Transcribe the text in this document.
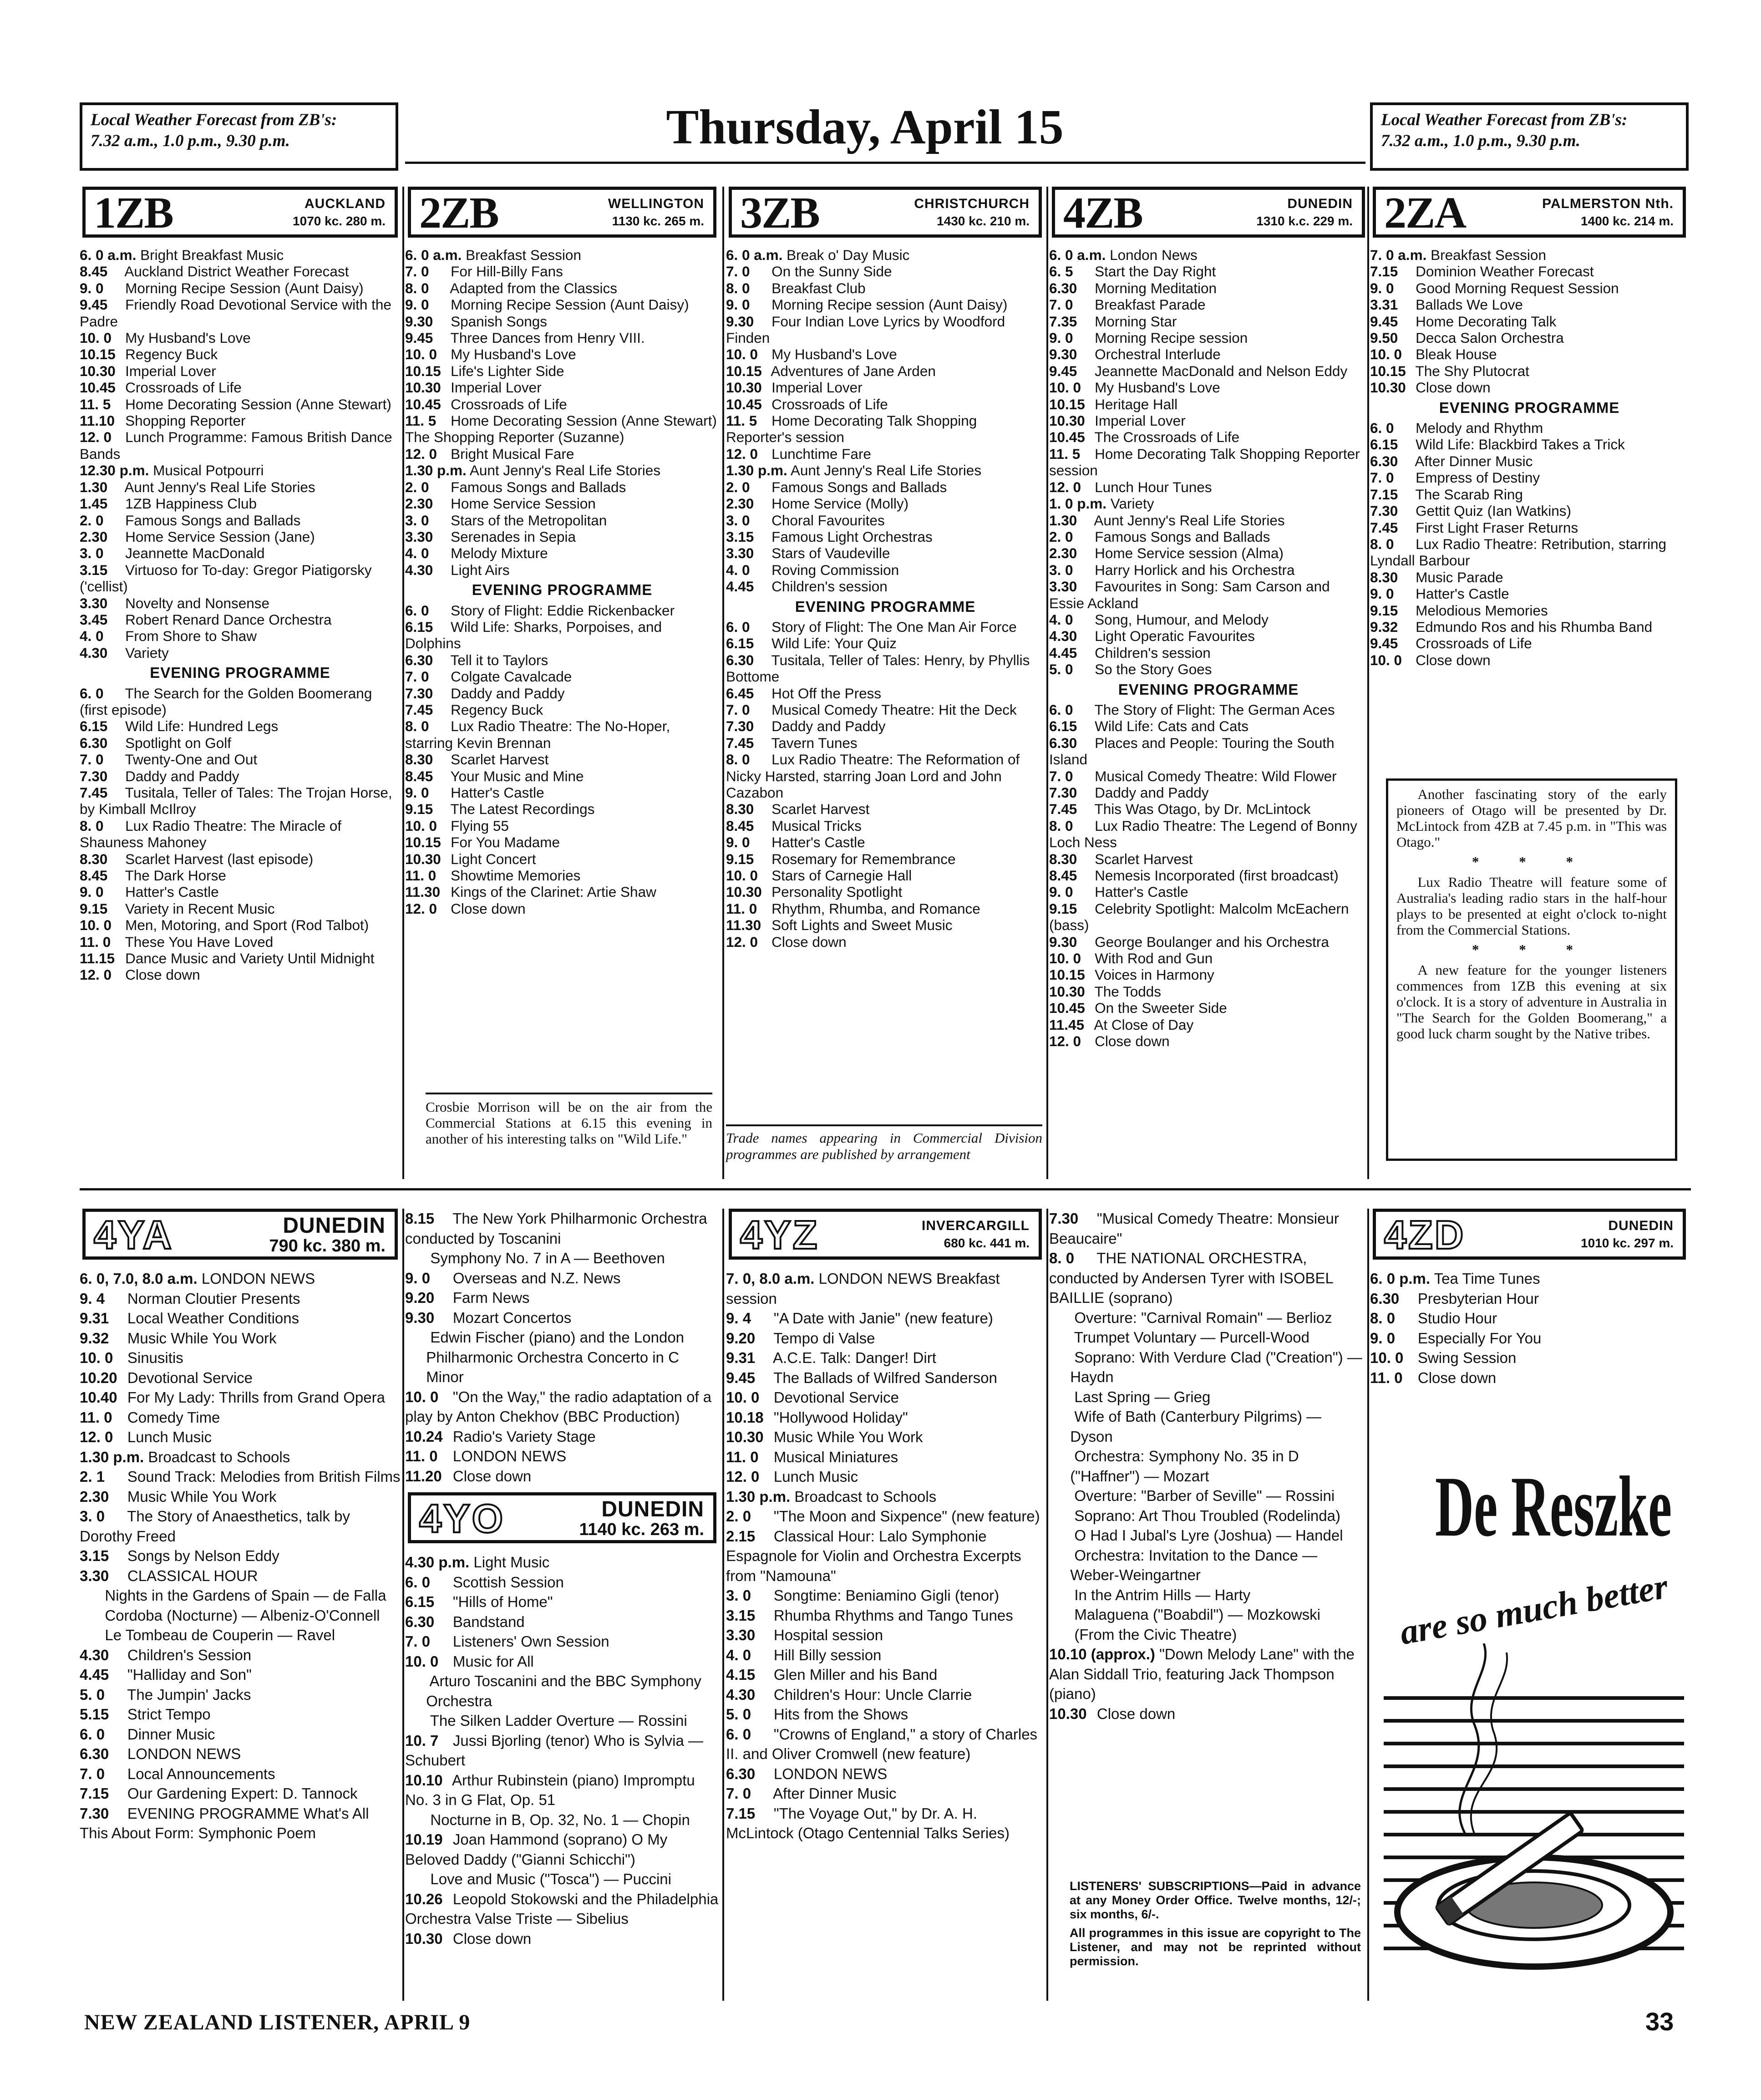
Local Weather Forecast from ZB's:
7.32 a.m., 1.0 p.m., 9.30 p.m.
Local Weather Forecast from ZB's:
7.32 a.m., 1.0 p.m., 9.30 p.m.
Thursday, April 15
1ZB	AUCKLAND
1070 kc. 280 m.
6. 0 a.m. Bright Breakfast Music
8.45 Auckland District Weather Forecast
9. 0 Morning Recipe Session (Aunt Daisy)
9.45 Friendly Road Devotional Service with the Padre
10. 0 My Husband's Love
10.15 Regency Buck
10.30 Imperial Lover
10.45 Crossroads of Life
11. 5 Home Decorating Session (Anne Stewart)
11.10 Shopping Reporter
12. 0 Lunch Programme: Famous British Dance Bands
12.30 p.m. Musical Potpourri
1.30 Aunt Jenny's Real Life Stories
1.45 1ZB Happiness Club
2. 0 Famous Songs and Ballads
2.30 Home Service Session (Jane)
3. 0 Jeannette MacDonald
3.15 Virtuoso for To-day: Gregor Piatigorsky ('cellist)
3.30 Novelty and Nonsense
3.45 Robert Renard Dance Orchestra
4. 0 From Shore to Shaw
4.30 Variety
EVENING PROGRAMME
6. 0 The Search for the Golden Boomerang (first episode)
6.15 Wild Life: Hundred Legs
6.30 Spotlight on Golf
7. 0 Twenty-One and Out
7.30 Daddy and Paddy
7.45 Tusitala, Teller of Tales: The Trojan Horse, by Kimball McIlroy
8. 0 Lux Radio Theatre: The Miracle of Shauness Mahoney
8.30 Scarlet Harvest (last episode)
8.45 The Dark Horse
9. 0 Hatter's Castle
9.15 Variety in Recent Music
10. 0 Men, Motoring, and Sport (Rod Talbot)
11. 0 These You Have Loved
11.15 Dance Music and Variety Until Midnight
12. 0 Close down
2ZB	WELLINGTON
1130 kc. 265 m.
6. 0 a.m. Breakfast Session
7. 0 For Hill-Billy Fans
8. 0 Adapted from the Classics
9. 0 Morning Recipe Session (Aunt Daisy)
9.30 Spanish Songs
9.45 Three Dances from Henry VIII.
10. 0 My Husband's Love
10.15 Life's Lighter Side
10.30 Imperial Lover
10.45 Crossroads of Life
11. 5 Home Decorating Session (Anne Stewart) The Shopping Reporter (Suzanne)
12. 0 Bright Musical Fare
1.30 p.m. Aunt Jenny's Real Life Stories
2. 0 Famous Songs and Ballads
2.30 Home Service Session
3. 0 Stars of the Metropolitan
3.30 Serenades in Sepia
4. 0 Melody Mixture
4.30 Light Airs
EVENING PROGRAMME
6. 0 Story of Flight: Eddie Rickenbacker
6.15 Wild Life: Sharks, Porpoises, and Dolphins
6.30 Tell it to Taylors
7. 0 Colgate Cavalcade
7.30 Daddy and Paddy
7.45 Regency Buck
8. 0 Lux Radio Theatre: The No-Hoper, starring Kevin Brennan
8.30 Scarlet Harvest
8.45 Your Music and Mine
9. 0 Hatter's Castle
9.15 The Latest Recordings
10. 0 Flying 55
10.15 For You Madame
10.30 Light Concert
11. 0 Showtime Memories
11.30 Kings of the Clarinet: Artie Shaw
12. 0 Close down
3ZB	CHRISTCHURCH
1430 kc. 210 m.
6. 0 a.m. Break o' Day Music
7. 0 On the Sunny Side
8. 0 Breakfast Club
9. 0 Morning Recipe session (Aunt Daisy)
9.30 Four Indian Love Lyrics by Woodford Finden
10. 0 My Husband's Love
10.15 Adventures of Jane Arden
10.30 Imperial Lover
10.45 Crossroads of Life
11. 5 Home Decorating Talk Shopping Reporter's session
12. 0 Lunchtime Fare
1.30 p.m. Aunt Jenny's Real Life Stories
2. 0 Famous Songs and Ballads
2.30 Home Service (Molly)
3. 0 Choral Favourites
3.15 Famous Light Orchestras
3.30 Stars of Vaudeville
4. 0 Roving Commission
4.45 Children's session
EVENING PROGRAMME
6. 0 Story of Flight: The One Man Air Force
6.15 Wild Life: Your Quiz
6.30 Tusitala, Teller of Tales: Henry, by Phyllis Bottome
6.45 Hot Off the Press
7. 0 Musical Comedy Theatre: Hit the Deck
7.30 Daddy and Paddy
7.45 Tavern Tunes
8. 0 Lux Radio Theatre: The Reformation of Nicky Harsted, starring Joan Lord and John Cazabon
8.30 Scarlet Harvest
8.45 Musical Tricks
9. 0 Hatter's Castle
9.15 Rosemary for Remembrance
10. 0 Stars of Carnegie Hall
10.30 Personality Spotlight
11. 0 Rhythm, Rhumba, and Romance
11.30 Soft Lights and Sweet Music
12. 0 Close down
4ZB	DUNEDIN
1310 k.c. 229 m.
6. 0 a.m. London News
6. 5 Start the Day Right
6.30 Morning Meditation
7. 0 Breakfast Parade
7.35 Morning Star
9. 0 Morning Recipe session
9.30 Orchestral Interlude
9.45 Jeannette MacDonald and Nelson Eddy
10. 0 My Husband's Love
10.15 Heritage Hall
10.30 Imperial Lover
10.45 The Crossroads of Life
11. 5 Home Decorating Talk Shopping Reporter session
12. 0 Lunch Hour Tunes
1. 0 p.m. Variety
1.30 Aunt Jenny's Real Life Stories
2. 0 Famous Songs and Ballads
2.30 Home Service session (Alma)
3. 0 Harry Horlick and his Orchestra
3.30 Favourites in Song: Sam Carson and Essie Ackland
4. 0 Song, Humour, and Melody
4.30 Light Operatic Favourites
4.45 Children's session
5. 0 So the Story Goes
EVENING PROGRAMME
6. 0 The Story of Flight: The German Aces
6.15 Wild Life: Cats and Cats
6.30 Places and People: Touring the South Island
7. 0 Musical Comedy Theatre: Wild Flower
7.30 Daddy and Paddy
7.45 This Was Otago, by Dr. McLintock
8. 0 Lux Radio Theatre: The Legend of Bonny Loch Ness
8.30 Scarlet Harvest
8.45 Nemesis Incorporated (first broadcast)
9. 0 Hatter's Castle
9.15 Celebrity Spotlight: Malcolm McEachern (bass)
9.30 George Boulanger and his Orchestra
10. 0 With Rod and Gun
10.15 Voices in Harmony
10.30 The Todds
10.45 On the Sweeter Side
11.45 At Close of Day
12. 0 Close down
2ZA	PALMERSTON Nth.
1400 kc. 214 m.
7. 0 a.m. Breakfast Session
7.15 Dominion Weather Forecast
9. 0 Good Morning Request Session
3.31 Ballads We Love
9.45 Home Decorating Talk
9.50 Decca Salon Orchestra
10. 0 Bleak House
10.15 The Shy Plutocrat
10.30 Close down
EVENING PROGRAMME
6. 0 Melody and Rhythm
6.15 Wild Life: Blackbird Takes a Trick
6.30 After Dinner Music
7. 0 Empress of Destiny
7.15 The Scarab Ring
7.30 Gettit Quiz (Ian Watkins)
7.45 First Light Fraser Returns
8. 0 Lux Radio Theatre: Retribution, starring Lyndall Barbour
8.30 Music Parade
9. 0 Hatter's Castle
9.15 Melodious Memories
9.32 Edmundo Ros and his Rhumba Band
9.45 Crossroads of Life
10. 0 Close down

Another fascinating story of the early pioneers of Otago will be presented by Dr. McLintock from 4ZB at 7.45 p.m. in "This was Otago."

* * *

Lux Radio Theatre will feature some of Australia's leading radio stars in the half-hour plays to be presented at eight o'clock to-night from the Commercial Stations.

* * *

A new feature for the younger listeners commences from 1ZB this evening at six o'clock. It is a story of adventure in Australia in "The Search for the Golden Boomerang," a good luck charm sought by the Native tribes.

Crosbie Morrison will be on the air from the Commercial Stations at 6.15 this evening in another of his interesting talks on "Wild Life."	Trade names appearing in Commercial Division programmes are published by arrangement
4YA	DUNEDIN
790 kc. 380 m.
6. 0, 7.0, 8.0 a.m. LONDON NEWS
9. 4 Norman Cloutier Presents
9.31 Local Weather Conditions
9.32 Music While You Work
10. 0 Sinusitis
10.20 Devotional Service
10.40 For My Lady: Thrills from Grand Opera
11. 0 Comedy Time
12. 0 Lunch Music
1.30 p.m. Broadcast to Schools
2. 1 Sound Track: Melodies from British Films
2.30 Music While You Work
3. 0 The Story of Anaesthetics, talk by Dorothy Freed
3.15 Songs by Nelson Eddy
3.30 CLASSICAL HOUR
Nights in the Gardens of Spain — de Falla
Cordoba (Nocturne) — Albeniz-O'Connell
Le Tombeau de Couperin — Ravel
4.30 Children's Session
4.45 "Halliday and Son"
5. 0 The Jumpin' Jacks
5.15 Strict Tempo
6. 0 Dinner Music
6.30 LONDON NEWS
7. 0 Local Announcements
7.15 Our Gardening Expert: D. Tannock
7.30 EVENING PROGRAMME What's All This About Form: Symphonic Poem
8.15 The New York Philharmonic Orchestra conducted by Toscanini
Symphony No. 7 in A — Beethoven
9. 0 Overseas and N.Z. News
9.20 Farm News
9.30 Mozart Concertos
Edwin Fischer (piano) and the London Philharmonic Orchestra Concerto in C Minor
10. 0 "On the Way," the radio adaptation of a play by Anton Chekhov (BBC Production)
10.24 Radio's Variety Stage
11. 0 LONDON NEWS
11.20 Close down
4YO	DUNEDIN
1140 kc. 263 m.
4.30 p.m. Light Music
6. 0 Scottish Session
6.15 "Hills of Home"
6.30 Bandstand
7. 0 Listeners' Own Session
10. 0 Music for All
Arturo Toscanini and the BBC Symphony Orchestra
The Silken Ladder Overture — Rossini
10. 7 Jussi Bjorling (tenor) Who is Sylvia — Schubert
10.10 Arthur Rubinstein (piano) Impromptu No. 3 in G Flat, Op. 51
Nocturne in B, Op. 32, No. 1 — Chopin
10.19 Joan Hammond (soprano) O My Beloved Daddy ("Gianni Schicchi")
Love and Music ("Tosca") — Puccini
10.26 Leopold Stokowski and the Philadelphia Orchestra Valse Triste — Sibelius
10.30 Close down
4YZ	INVERCARGILL
680 kc. 441 m.
7. 0, 8.0 a.m. LONDON NEWS Breakfast session
9. 4 "A Date with Janie" (new feature)
9.20 Tempo di Valse
9.31 A.C.E. Talk: Danger! Dirt
9.45 The Ballads of Wilfred Sanderson
10. 0 Devotional Service
10.18 "Hollywood Holiday"
10.30 Music While You Work
11. 0 Musical Miniatures
12. 0 Lunch Music
1.30 p.m. Broadcast to Schools
2. 0 "The Moon and Sixpence" (new feature)
2.15 Classical Hour: Lalo Symphonie Espagnole for Violin and Orchestra Excerpts from "Namouna"
3. 0 Songtime: Beniamino Gigli (tenor)
3.15 Rhumba Rhythms and Tango Tunes
3.30 Hospital session
4. 0 Hill Billy session
4.15 Glen Miller and his Band
4.30 Children's Hour: Uncle Clarrie
5. 0 Hits from the Shows
6. 0 "Crowns of England," a story of Charles II. and Oliver Cromwell (new feature)
6.30 LONDON NEWS
7. 0 After Dinner Music
7.15 "The Voyage Out," by Dr. A. H. McLintock (Otago Centennial Talks Series)
7.30 "Musical Comedy Theatre: Monsieur Beaucaire"
8. 0 THE NATIONAL ORCHESTRA, conducted by Andersen Tyrer with ISOBEL BAILLIE (soprano)
Overture: "Carnival Romain" — Berlioz
Trumpet Voluntary — Purcell-Wood
Soprano: With Verdure Clad ("Creation") — Haydn
Last Spring — Grieg
Wife of Bath (Canterbury Pilgrims) — Dyson
Orchestra: Symphony No. 35 in D ("Haffner") — Mozart
Overture: "Barber of Seville" — Rossini
Soprano: Art Thou Troubled (Rodelinda)
O Had I Jubal's Lyre (Joshua) — Handel
Orchestra: Invitation to the Dance — Weber-Weingartner
In the Antrim Hills — Harty
Malaguena ("Boabdil") — Mozkowski
(From the Civic Theatre)
10.10 (approx.) "Down Melody Lane" with the Alan Siddall Trio, featuring Jack Thompson (piano)
10.30 Close down
4ZD	DUNEDIN
1010 kc. 297 m.
6. 0 p.m. Tea Time Tunes
6.30 Presbyterian Hour
8. 0 Studio Hour
9. 0 Especially For You
10. 0 Swing Session
11. 0 Close down

LISTENERS' SUBSCRIPTIONS—Paid in advance at any Money Order Office. Twelve months, 12/-; six months, 6/-.

All programmes in this issue are copyright to The Listener, and may not be reprinted without permission.

De Reszke
are so much better
NEW ZEALAND LISTENER, APRIL 9	33
